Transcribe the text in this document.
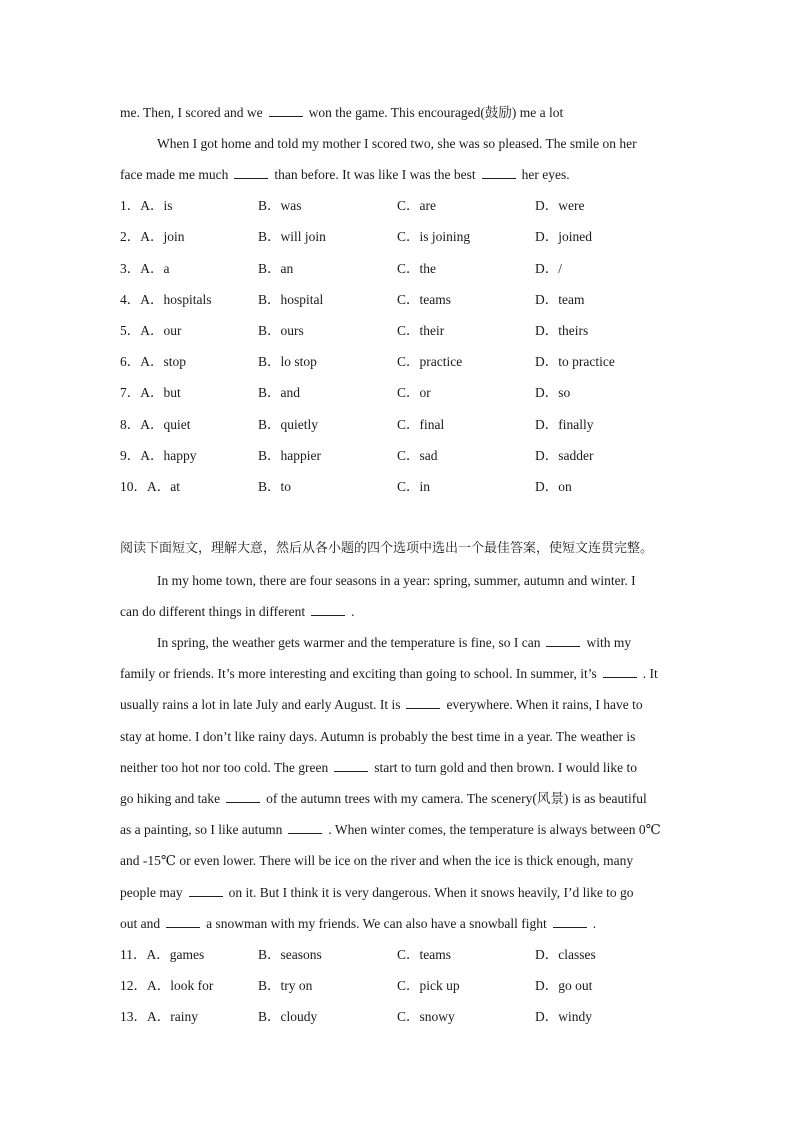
me. Then, I scored and we	won the game. This encouraged(鼓励) me a lot
When I got home and told my mother I scored two, she was so pleased. The smile on her
face made me much	than before. It was like I was the best	her eyes.
1．A．is	B．was	C．are	D．were
2．A．join	B．will join	C．is joining	D．joined
3．A．a	B．an	C．the	D．/
4．A．hospitals	B．hospital	C．teams	D．team
5．A．our	B．ours	C．their	D．theirs
6．A．stop	B．lo stop	C．practice	D．to practice
7．A．but	B．and	C．or	D．so
8．A．quiet	B．quietly	C．final	D．finally
9．A．happy	B．happier	C．sad	D．sadder
10．A．at	B．to	C．in	D．on
阅读下面短文，理解大意，然后从各小题的四个选项中选出一个最佳答案，使短文连贯完整。
In my home town, there are four seasons in a year: spring, summer, autumn and winter. I
can do different things in different	.
In spring, the weather gets warmer and the temperature is fine, so I can	with my
family or friends. It’s more interesting and exciting than going to school. In summer, it’s	. It
usually rains a lot in late July and early August. It is	everywhere. When it rains, I have to
stay at home. I don’t like rainy days. Autumn is probably the best time in a year. The weather is
neither too hot nor too cold. The green	start to turn gold and then brown. I would like to
go hiking and take	of the autumn trees with my camera. The scenery(风景) is as beautiful
as a painting, so I like autumn	. When winter comes, the temperature is always between 0℃
and -15℃ or even lower. There will be ice on the river and when the ice is thick enough, many
people may	on it. But I think it is very dangerous. When it snows heavily, I’d like to go
out and	a snowman with my friends. We can also have a snowball fight	.
11．A．games	B．seasons	C．teams	D．classes
12．A．look for	B．try on	C．pick up	D．go out
13．A．rainy	B．cloudy	C．snowy	D．windy
